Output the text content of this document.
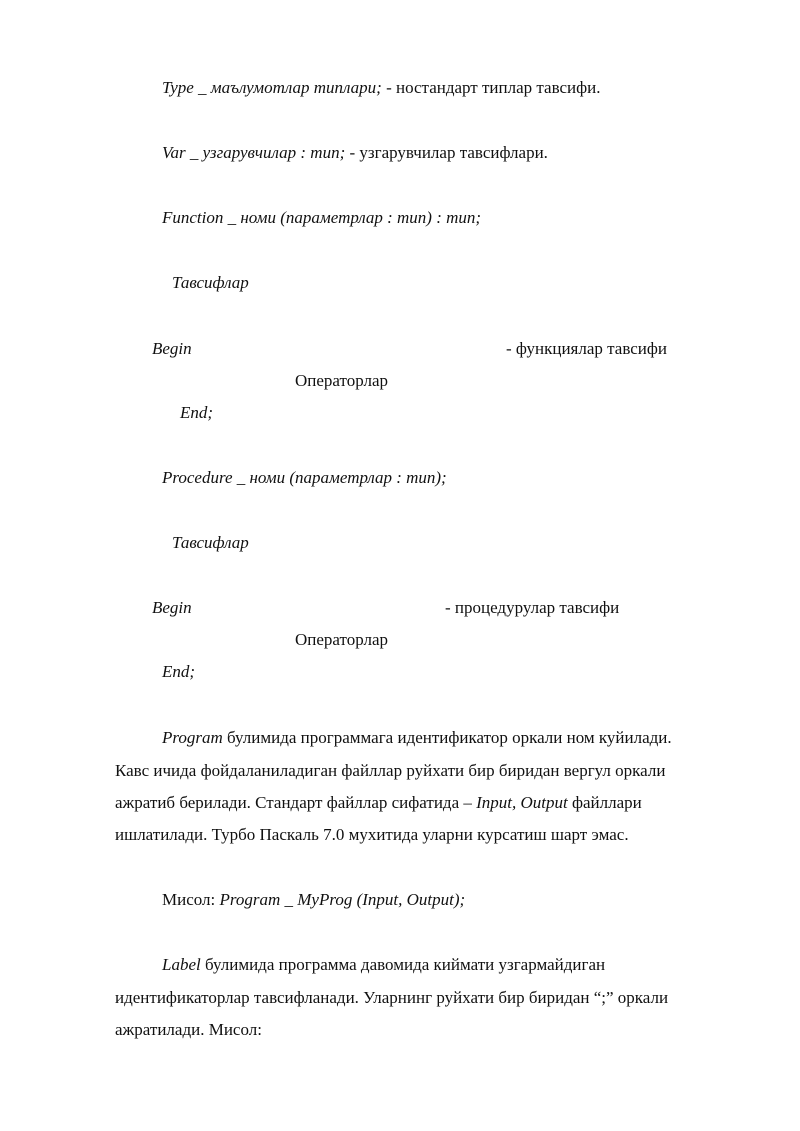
Type _ маълумотлар типлари; - ностандарт типлар тавсифи.
Var _ узгарувчилар : тип; - узгарувчилар тавсифлари.
Function _ номи (параметрлар : тип) : тип;
Тавсифлар
Begin	- функциялар тавсифи
Операторлар
End;
Procedure _ номи (параметрлар : тип);
Тавсифлар
Begin	- процедурулар тавсифи
Операторлар
End;
Program булимида программага идентификатор оркали ном куйилади.
Кавс ичида фойдаланиладиган файллар руйхати бир биридан вергул оркали
ажратиб берилади. Стандарт файллар сифатида – Input, Output файллари
ишлатилади. Турбо Паскаль 7.0 мухитида уларни курсатиш шарт эмас.
Мисол: Program _ MyProg (Input, Output);
Label булимида программа давомида киймати узгармайдиган
идентификаторлар тавсифланади. Уларнинг руйхати бир биридан “;” оркали
ажратилади. Мисол:
